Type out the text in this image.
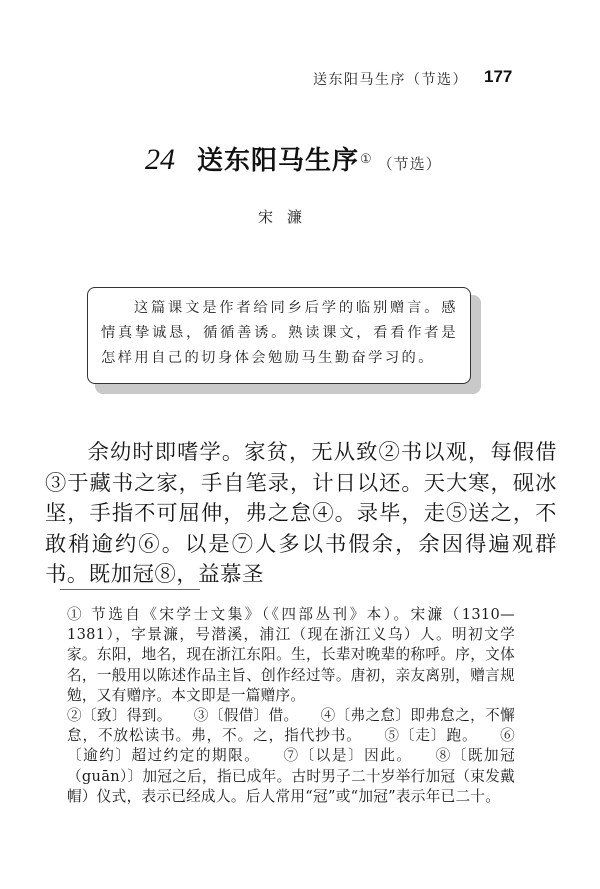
送东阳马生序（节选） 177
24 送东阳马生序① （节选）
宋濂

这篇课文是作者给同乡后学的临别赠言。感情真挚诚恳，循循善诱。熟读课文，看看作者是怎样用自己的切身体会勉励马生勤奋学习的。

余幼时即嗜学。家贫，无从致②书以观，每假借③于藏书之家，手自笔录，计日以还。天大寒，砚冰坚，手指不可屈伸，弗之怠④。录毕，走⑤送之，不敢稍逾约⑥。以是⑦人多以书假余，余因得遍观群书。既加冠⑧，益慕圣

① 节选自《宋学士文集》（《四部丛刊》本）。宋濂（1310—1381），字景濂，号潜溪，浦江（现在浙江义乌）人。明初文学家。东阳，地名，现在浙江东阳。生，长辈对晚辈的称呼。序，文体名，一般用以陈述作品主旨、创作经过等。唐初，亲友离别，赠言规勉，又有赠序。本文即是一篇赠序。

②〔致〕得到。 ③〔假借〕借。 ④〔弗之怠〕即弗怠之，不懈怠，不放松读书。弗，不。之，指代抄书。 ⑤〔走〕跑。 ⑥〔逾约〕超过约定的期限。 ⑦〔以是〕因此。 ⑧〔既加冠（guān）〕加冠之后，指已成年。古时男子二十岁举行加冠（束发戴帽）仪式，表示已经成人。后人常用“冠”或“加冠”表示年已二十。
